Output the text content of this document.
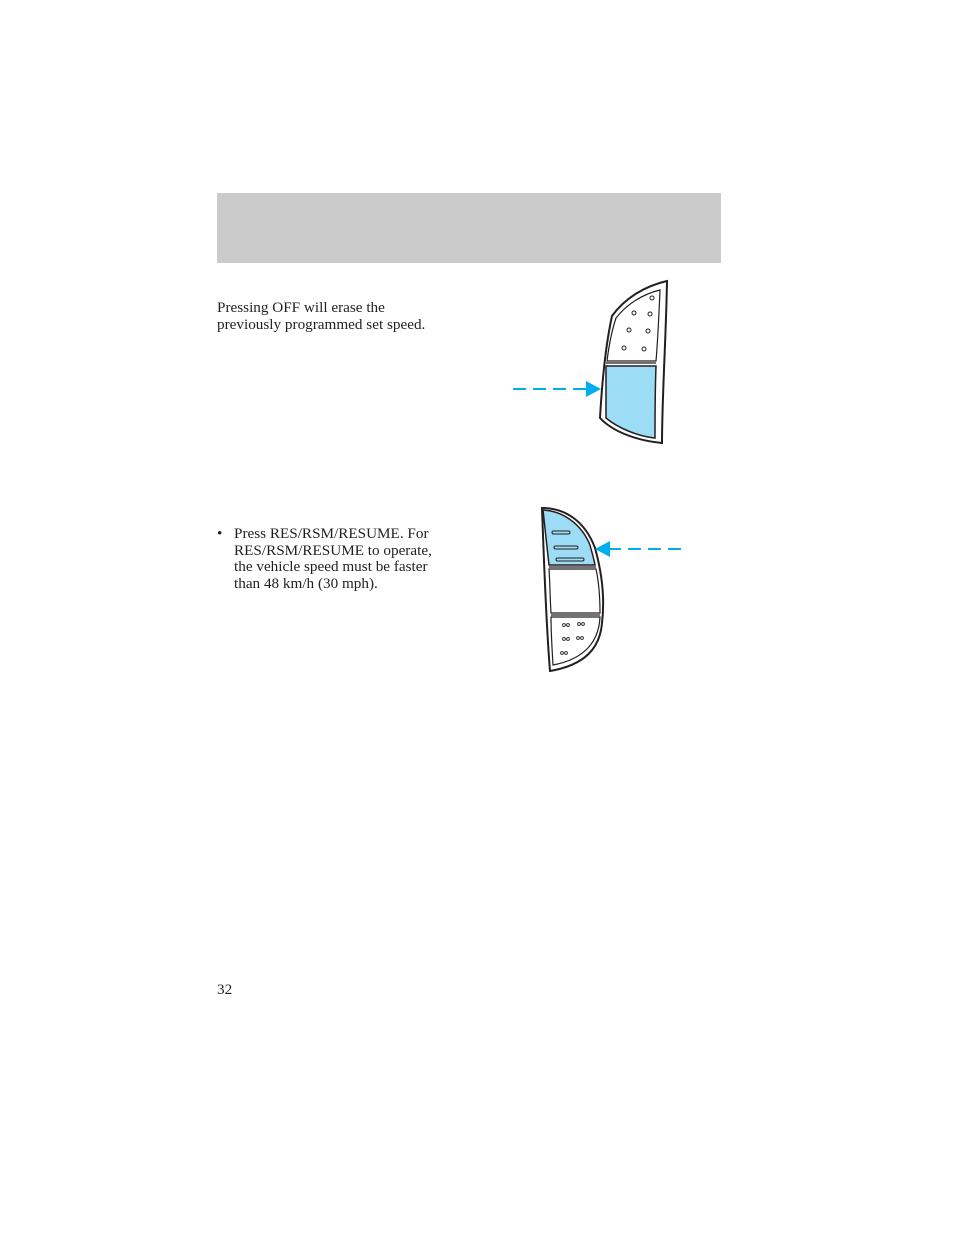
Pressing OFF will erase the
previously programmed set speed.

• Press RES/RSM/RESUME. For
RES/RSM/RESUME to operate,
the vehicle speed must be faster
than 48 km/h (30 mph).

32
